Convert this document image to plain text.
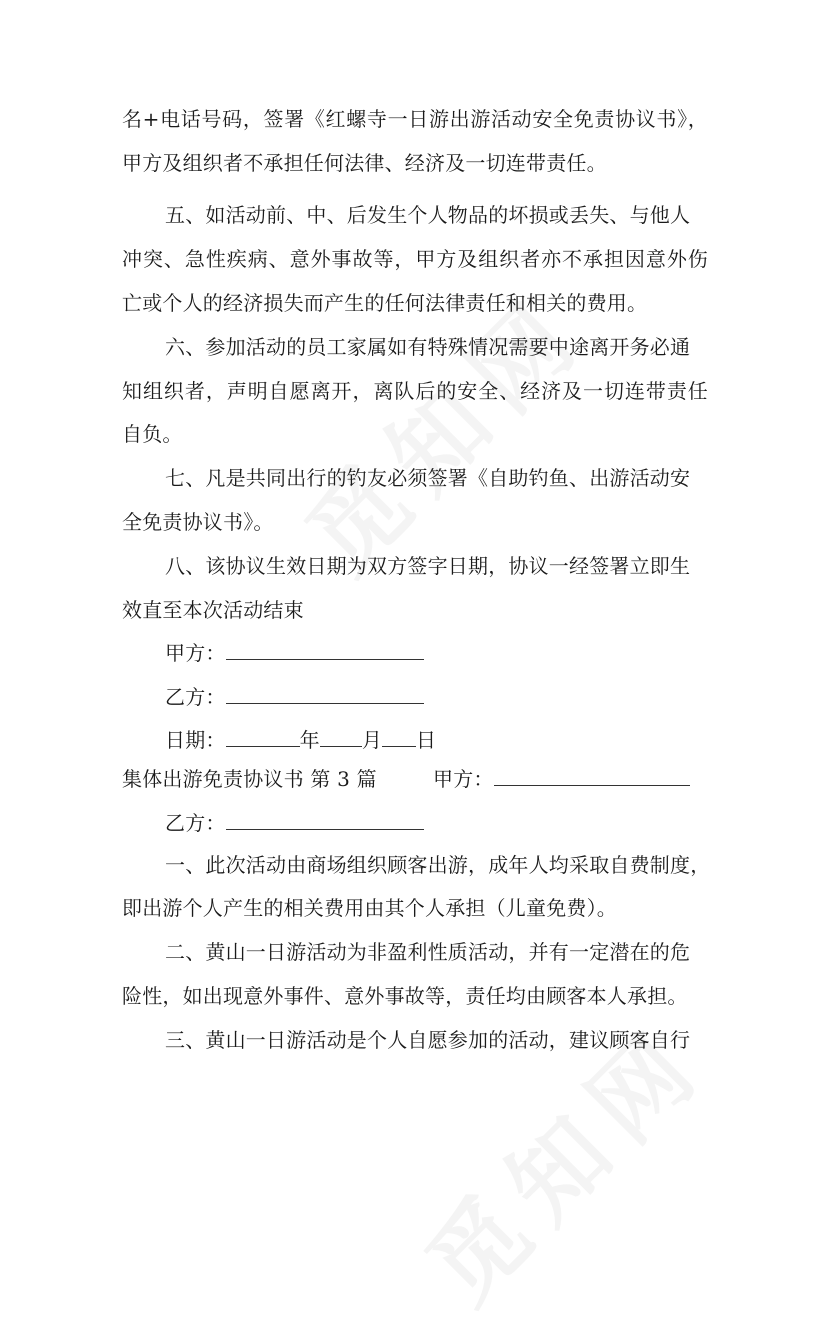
名+电话号码，签署《红螺寺一日游出游活动安全免责协议书》，
甲方及组织者不承担任何法律、经济及一切连带责任。
五、如活动前、中、后发生个人物品的坏损或丢失、与他人
冲突、急性疾病、意外事故等，甲方及组织者亦不承担因意外伤
亡或个人的经济损失而产生的任何法律责任和相关的费用。
六、参加活动的员工家属如有特殊情况需要中途离开务必通
知组织者，声明自愿离开，离队后的安全、经济及一切连带责任
自负。
七、凡是共同出行的钓友必须签署《自助钓鱼、出游活动安
全免责协议书》。
八、该协议生效日期为双方签字日期，协议一经签署立即生
效直至本次活动结束
甲方：
乙方：
日期：	年 月 日
集体出游免责协议书 第 3 篇	甲方：
乙方：
一、此次活动由商场组织顾客出游，成年人均采取自费制度，
即出游个人产生的相关费用由其个人承担（儿童免费）。
二、黄山一日游活动为非盈利性质活动，并有一定潜在的危
险性，如出现意外事件、意外事故等，责任均由顾客本人承担。
三、黄山一日游活动是个人自愿参加的活动，建议顾客自行
